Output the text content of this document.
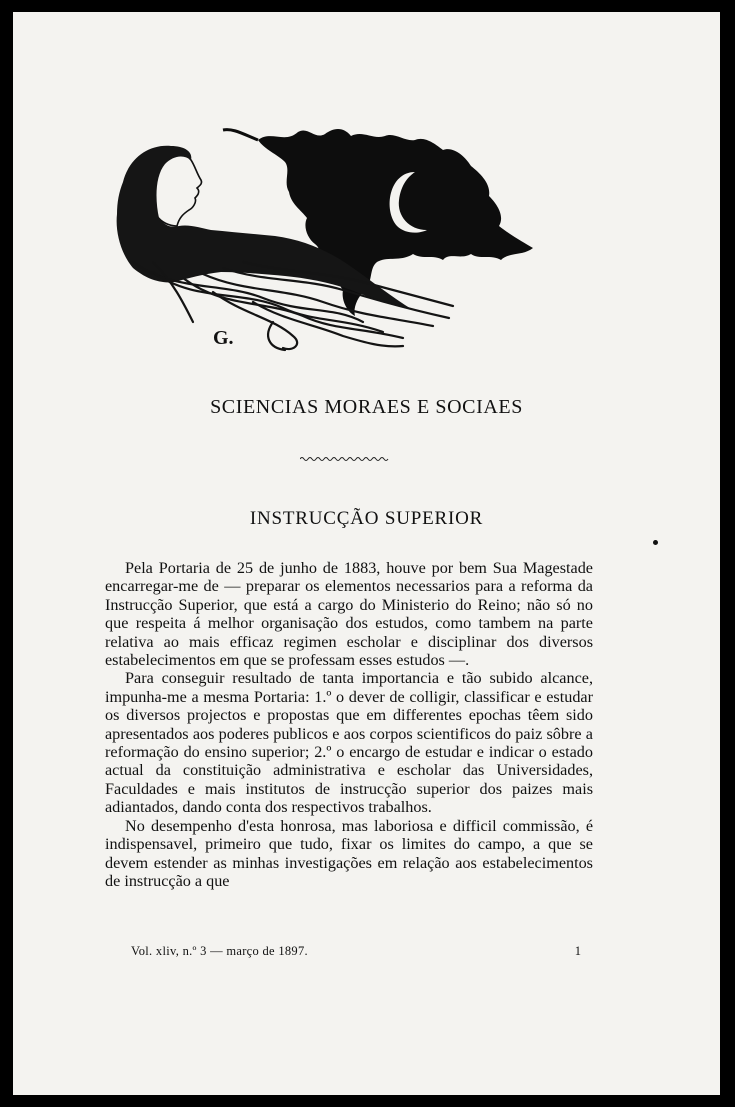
G.
SCIENCIAS MORAES E SOCIAES
INSTRUCÇÃO SUPERIOR

Pela Portaria de 25 de junho de 1883, houve por bem Sua Magestade encarregar-me de — preparar os elementos necessarios para a reforma da Instrucção Superior, que está a cargo do Ministerio do Reino; não só no que respeita á melhor organisação dos estudos, como tambem na parte relativa ao mais efficaz regimen escholar e disciplinar dos diversos estabelecimentos em que se professam esses estudos —.

Para conseguir resultado de tanta importancia e tão subido alcance, impunha-me a mesma Portaria: 1.º o dever de colligir, classificar e estudar os diversos projectos e propostas que em differentes epochas têem sido apresentados aos poderes publicos e aos corpos scientificos do paiz sôbre a reformação do ensino superior; 2.º o encargo de estudar e indicar o estado actual da constituição administrativa e escholar das Universidades, Faculdades e mais institutos de instrucção superior dos paizes mais adiantados, dando conta dos respectivos trabalhos.

No desempenho d'esta honrosa, mas laboriosa e difficil commissão, é indispensavel, primeiro que tudo, fixar os limites do campo, a que se devem estender as minhas investigações em relação aos estabelecimentos de instrucção a que

Vol. xliv, n.º 3 — março de 1897.	1
